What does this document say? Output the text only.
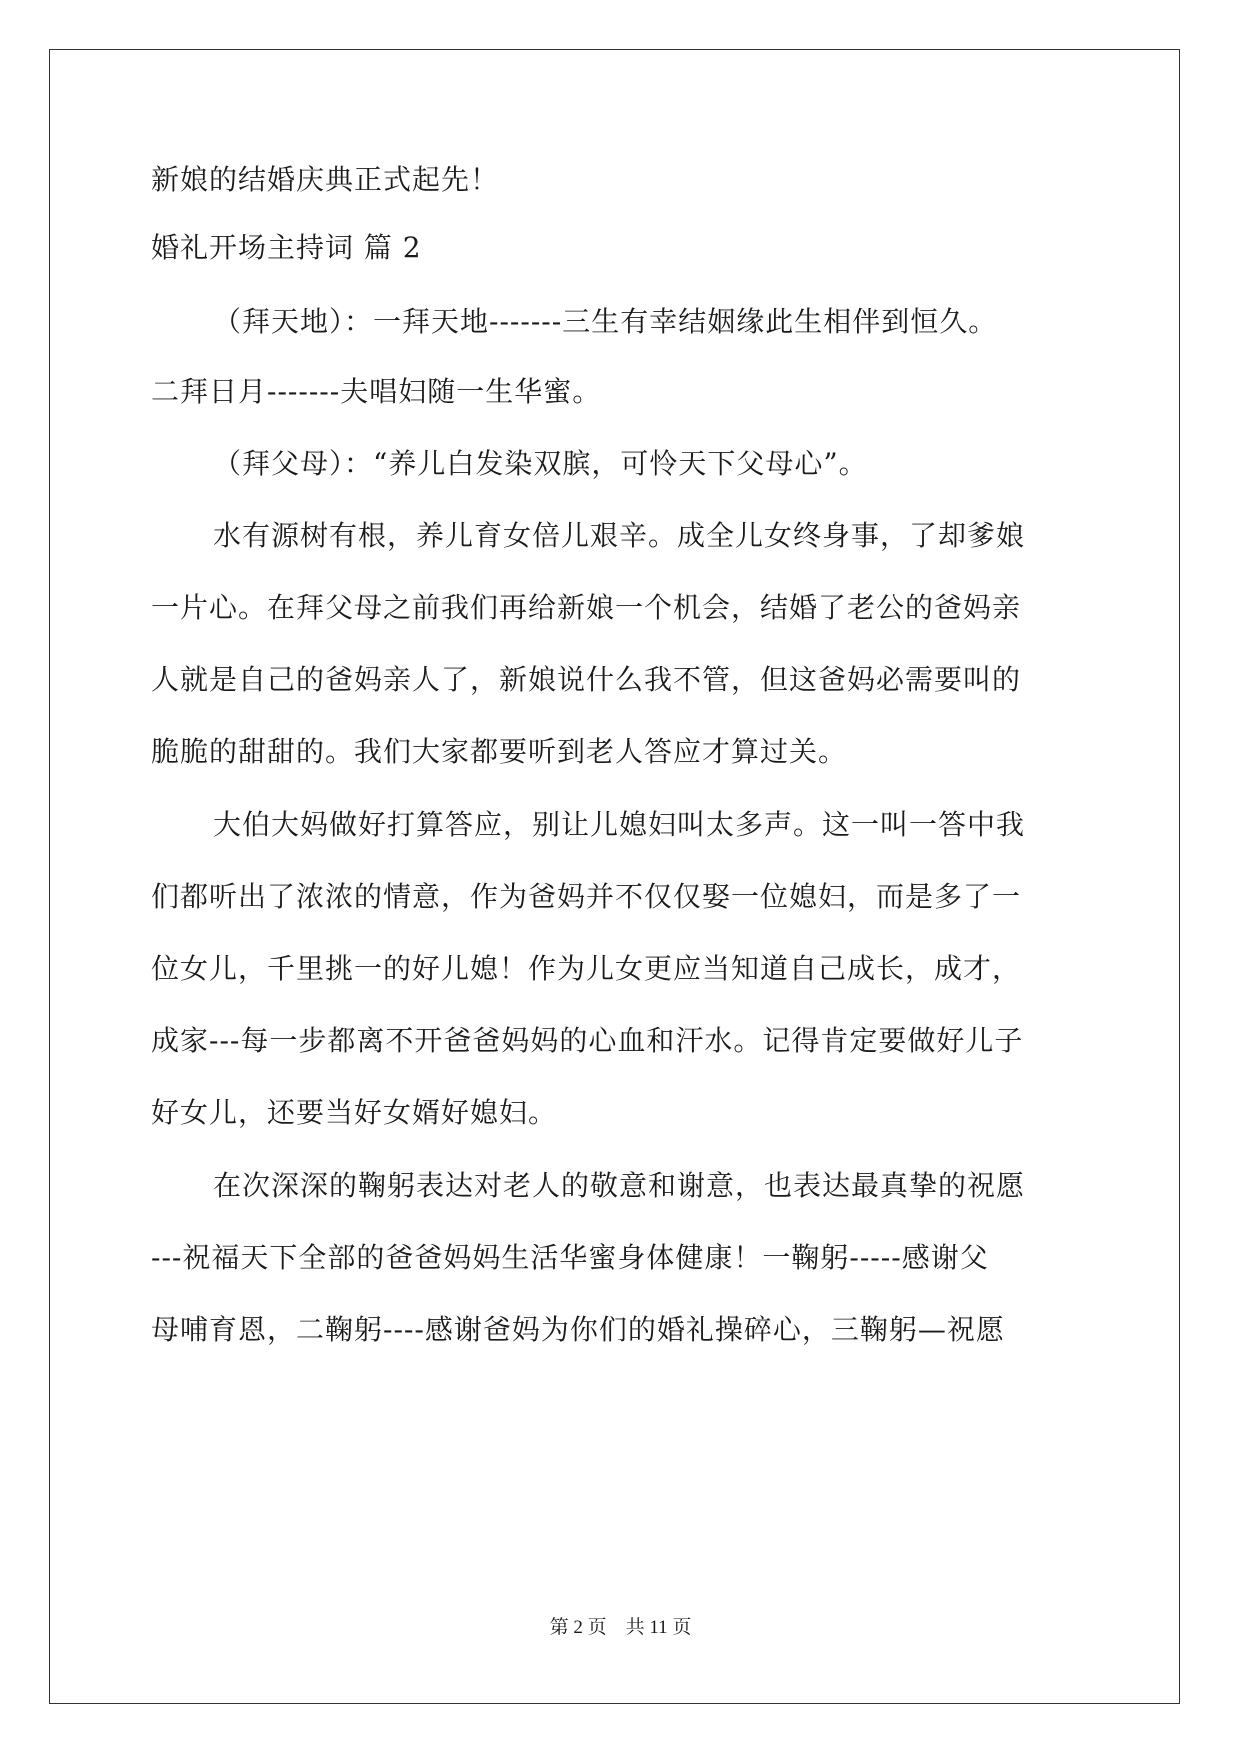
新娘的结婚庆典正式起先！
婚礼开场主持词 篇 2
（拜天地）：一拜天地-------三生有幸结姻缘此生相伴到恒久。
二拜日月-------夫唱妇随一生华蜜。
（拜父母）：“养儿白发染双膑，可怜天下父母心”。
水有源树有根，养儿育女倍儿艰辛。成全儿女终身事，了却爹娘
一片心。在拜父母之前我们再给新娘一个机会，结婚了老公的爸妈亲
人就是自己的爸妈亲人了，新娘说什么我不管，但这爸妈必需要叫的
脆脆的甜甜的。我们大家都要听到老人答应才算过关。
大伯大妈做好打算答应，别让儿媳妇叫太多声。这一叫一答中我
们都听出了浓浓的情意，作为爸妈并不仅仅娶一位媳妇，而是多了一
位女儿，千里挑一的好儿媳！作为儿女更应当知道自己成长，成才，
成家---每一步都离不开爸爸妈妈的心血和汗水。记得肯定要做好儿子
好女儿，还要当好女婿好媳妇。
在次深深的鞠躬表达对老人的敬意和谢意，也表达最真挚的祝愿
---祝福天下全部的爸爸妈妈生活华蜜身体健康！一鞠躬-----感谢父
母哺育恩，二鞠躬----感谢爸妈为你们的婚礼操碎心，三鞠躬—祝愿
第 2 页    共 11 页
